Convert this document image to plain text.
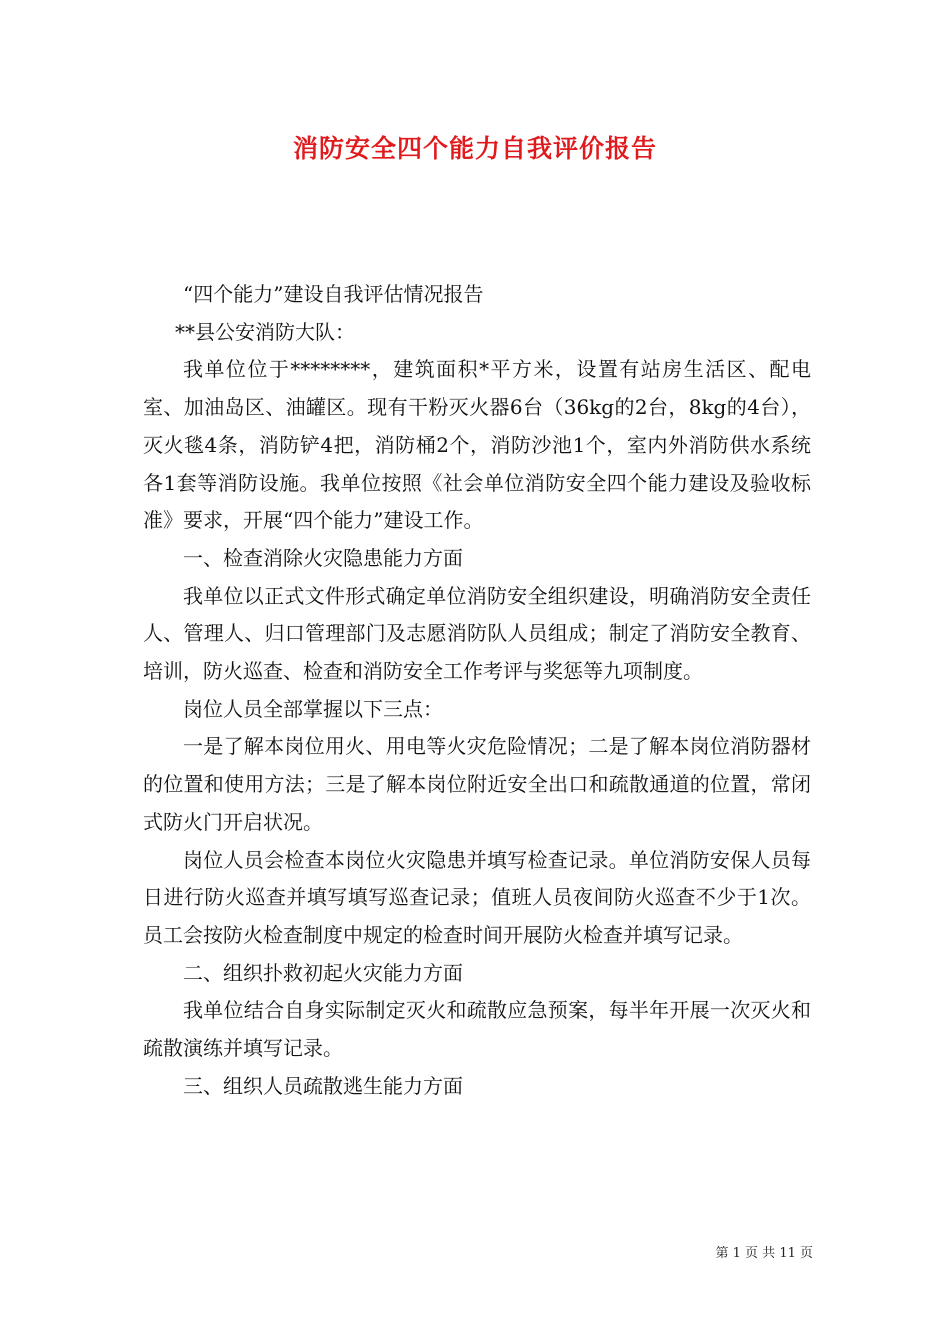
消防安全四个能力自我评价报告

“四个能力”建设自我评估情况报告

**县公安消防大队：

我单位位于********，建筑面积*平方米，设置有站房生活区、配电室、加油岛区、油罐区。现有干粉灭火器6台（36kg的2台，8kg的4台），灭火毯4条，消防铲4把，消防桶2个，消防沙池1个，室内外消防供水系统各1套等消防设施。我单位按照《社会单位消防安全四个能力建设及验收标准》要求，开展“四个能力”建设工作。

一、检查消除火灾隐患能力方面

我单位以正式文件形式确定单位消防安全组织建设，明确消防安全责任人、管理人、归口管理部门及志愿消防队人员组成；制定了消防安全教育、培训，防火巡查、检查和消防安全工作考评与奖惩等九项制度。

岗位人员全部掌握以下三点：

一是了解本岗位用火、用电等火灾危险情况；二是了解本岗位消防器材的位置和使用方法；三是了解本岗位附近安全出口和疏散通道的位置，常闭式防火门开启状况。

岗位人员会检查本岗位火灾隐患并填写检查记录。单位消防安保人员每日进行防火巡查并填写填写巡查记录；值班人员夜间防火巡查不少于1次。员工会按防火检查制度中规定的检查时间开展防火检查并填写记录。

二、组织扑救初起火灾能力方面

我单位结合自身实际制定灭火和疏散应急预案，每半年开展一次灭火和疏散演练并填写记录。

三、组织人员疏散逃生能力方面

第 1 页 共 11 页
